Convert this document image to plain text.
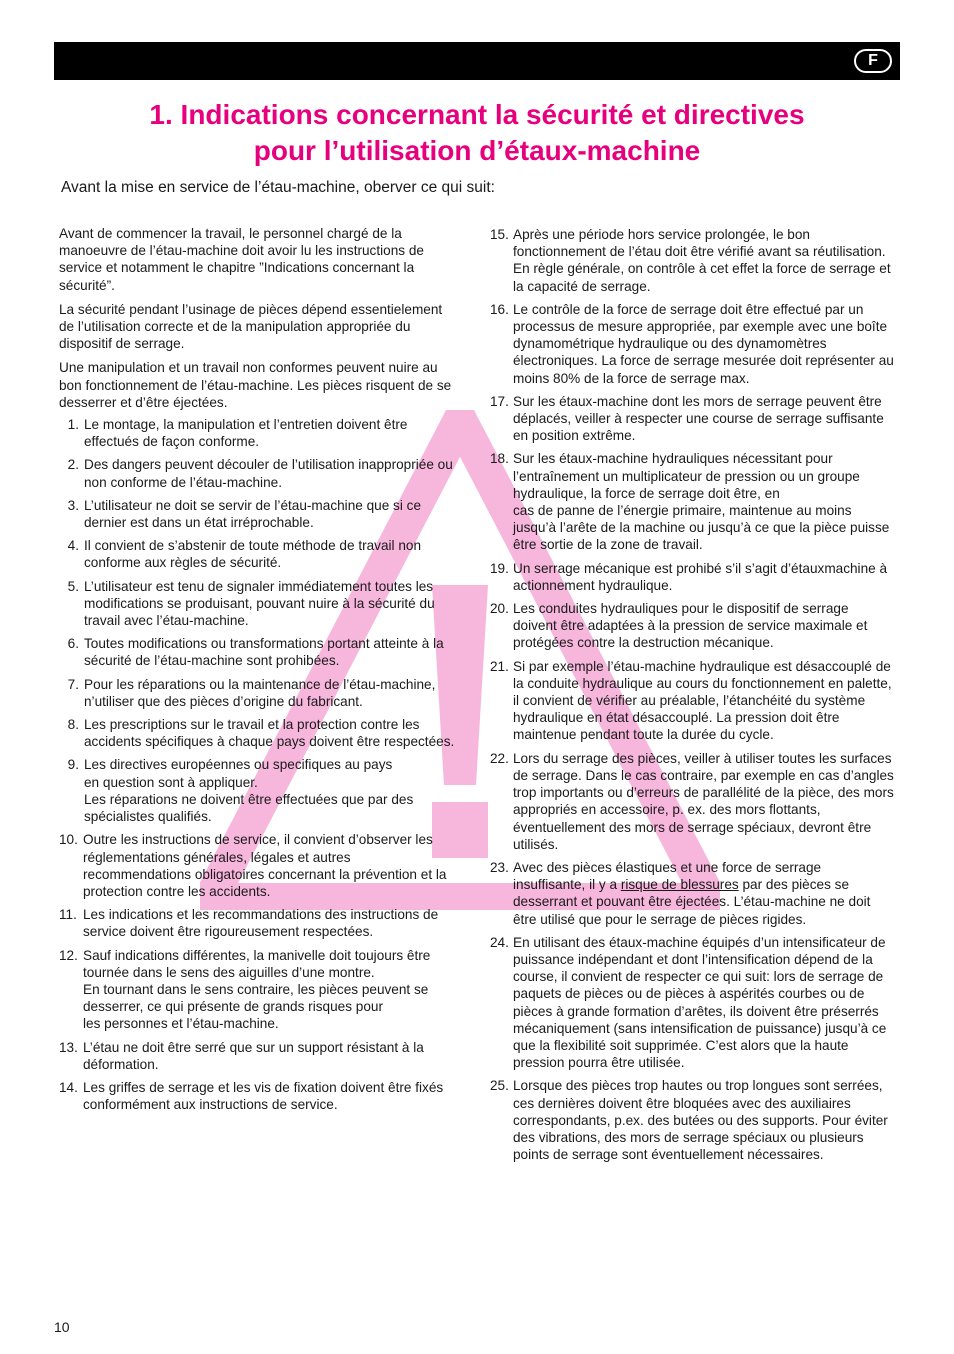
F
1. Indications concernant la sécurité et directives
pour l’utilisation d’étaux-machine

Avant la mise en service de l’étau-machine, oberver ce qui suit:

Avant de commencer la travail, le personnel chargé de la manoeuvre de l’étau-machine doit avoir lu les instructions de service et notamment le chapitre ”Indications concernant la sécurité”.

La sécurité pendant l’usinage de pièces dépend essentielement de l’utilisation correcte et de la manipulation appropriée du dispositif de serrage.

Une manipulation et un travail non conformes peuvent nuire au bon fonctionnement de l’étau-machine. Les pièces risquent de se desserrer et d’être éjectées.

1. Le montage, la manipulation et l’entretien doivent être effectués de façon conforme.
2. Des dangers peuvent découler de l’utilisation inappropriée ou non conforme de l’étau-machine.
3. L’utilisateur ne doit se servir de l’étau-machine que si ce dernier est dans un état irréprochable.
4. Il convient de s’abstenir de toute méthode de travail non conforme aux règles de sécurité.
5. L’utilisateur est tenu de signaler immédiatement toutes les modifications se produisant, pouvant nuire à la sécurité du travail avec l’étau-machine.
6. Toutes modifications ou transformations portant atteinte à la sécurité de l’étau-machine sont prohibées.
7. Pour les réparations ou la maintenance de l’étau-machine, n’utiliser que des pièces d’origine du fabricant.
8. Les prescriptions sur le travail et la protection contre les accidents spécifiques à chaque pays doivent être respectées.
9. Les directives européennes ou specifiques au pays
en question sont à appliquer.
Les réparations ne doivent être effectuées que par des spécialistes qualifiés.
10. Outre les instructions de service, il convient d’observer les réglementations générales, légales et autres recommendations obligatoires concernant la prévention et la protection contre les accidents.
11. Les indications et les recommandations des instructions de service doivent être rigoureusement respectées.
12. Sauf indications différentes, la manivelle doit toujours être tournée dans le sens des aiguilles d’une montre.
En tournant dans le sens contraire, les pièces peuvent se desserrer, ce qui présente de grands risques pour
les personnes et l’étau-machine.
13. L’étau ne doit être serré que sur un support résistant à la déformation.
14. Les griffes de serrage et les vis de fixation doivent être fixés conformément aux instructions de service.
15. Après une période hors service prolongée, le bon fonctionnement de l’étau doit être vérifié avant sa réutilisation. En règle générale, on contrôle à cet effet la force de serrage et la capacité de serrage.
16. Le contrôle de la force de serrage doit être effectué par un processus de mesure appropriée, par exemple avec une boîte dynamométrique hydraulique ou des dynamomètres électroniques. La force de serrage mesurée doit représenter au moins 80% de la force de serrage max.
17. Sur les étaux-machine dont les mors de serrage peuvent être déplacés, veiller à respecter une course de serrage suffisante en position extrême.
18. Sur les étaux-machine hydrauliques nécessitant pour l’entraînement un multiplicateur de pression ou un groupe hydraulique, la force de serrage doit être, en
cas de panne de l’énergie primaire, maintenue au moins jusqu’à l’arête de la machine ou jusqu’à ce que la pièce puisse être sortie de la zone de travail.
19. Un serrage mécanique est prohibé s’il s’agit d’étauxmachine à actionnement hydraulique.
20. Les conduites hydrauliques pour le dispositif de serrage doivent être adaptées à la pression de service maximale et protégées contre la destruction mécanique.
21. Si par exemple l’étau-machine hydraulique est désaccouplé de la conduite hydraulique au cours du fonctionnement en palette, il convient de vérifier au préalable, l’étanchéité du système hydraulique en état désaccouplé. La pression doit être maintenue pendant toute la durée du cycle.
22. Lors du serrage des pièces, veiller à utiliser toutes les surfaces de serrage. Dans le cas contraire, par exemple en cas d’angles trop importants ou d’erreurs de parallélité de la pièce, des mors appropriés en accessoire, p. ex. des mors flottants, éventuellement des mors de serrage spéciaux, devront être utilisés.
23. Avec des pièces élastiques et une force de serrage insuffisante, il y a risque de blessures par des pièces se desserrant et pouvant être éjectées. L’étau-machine ne doit être utilisé que pour le serrage de pièces rigides.
24. En utilisant des étaux-machine équipés d’un intensificateur de puissance indépendant et dont l’intensification dépend de la course, il convient de respecter ce qui suit: lors de serrage de paquets de pièces ou de pièces à aspérités courbes ou de pièces à grande formation d’arêtes, ils doivent être préserrés mécaniquement (sans intensification de puissance) jusqu’à ce que la flexibilité soit supprimée. C’est alors que la haute pression pourra être utilisée.
25. Lorsque des pièces trop hautes ou trop longues sont serrées, ces dernières doivent être bloquées avec des auxiliaires correspondants, p.ex. des butées ou des supports. Pour éviter des vibrations, des mors de serrage spéciaux ou plusieurs points de serrage sont éventuellement nécessaires.
10
